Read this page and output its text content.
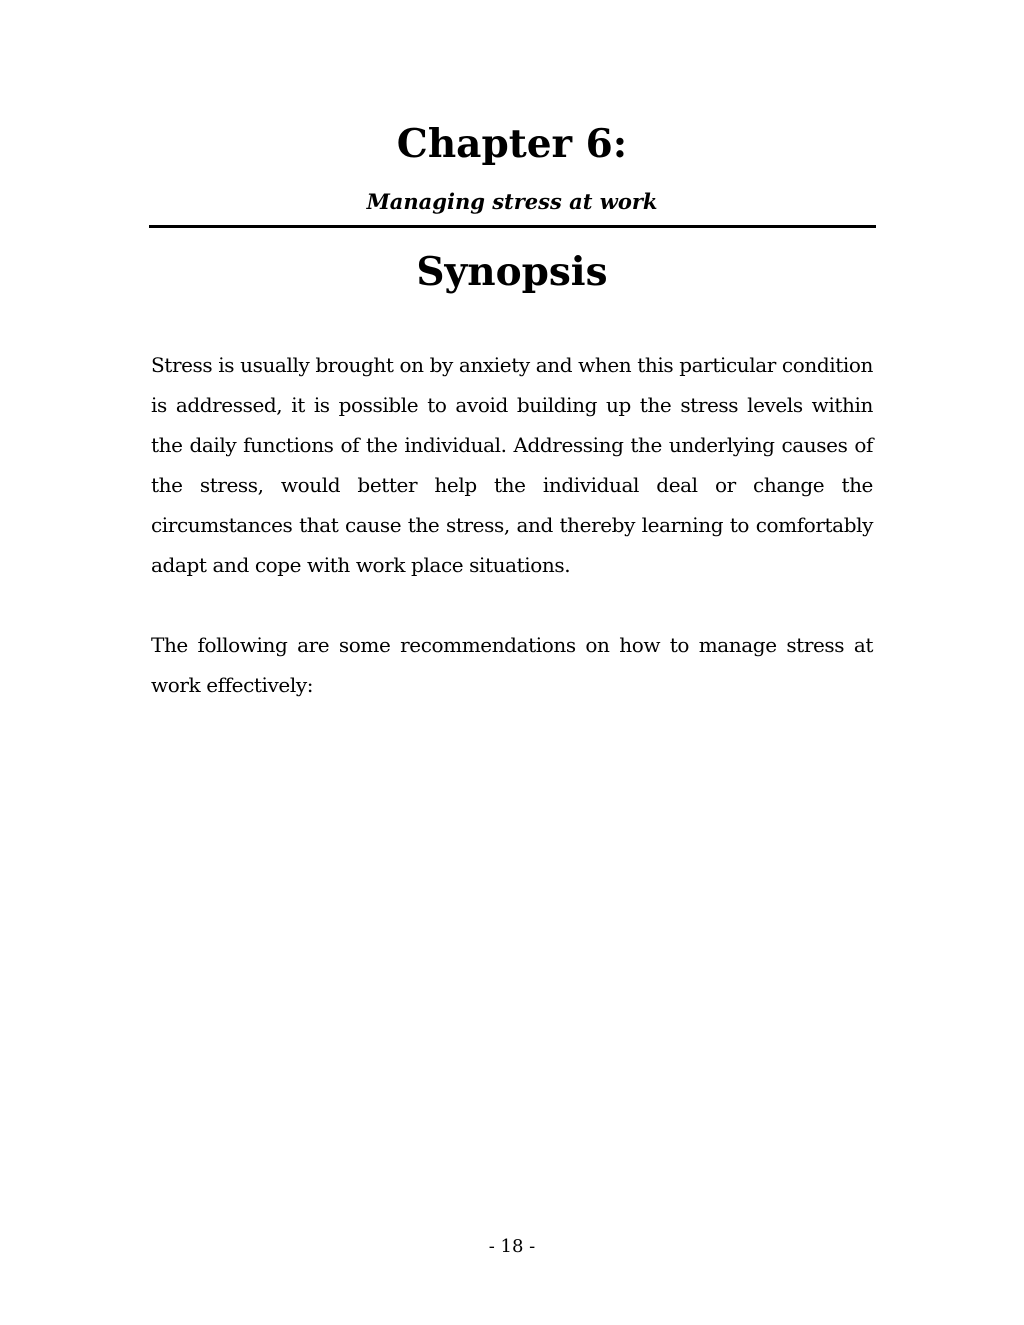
Chapter 6:

Managing stress at work

Synopsis

Stress is usually brought on by anxiety and when this particular condition is addressed, it is possible to avoid building up the stress levels within the daily functions of the individual. Addressing the underlying causes of the stress, would better help the individual deal or change the circumstances that cause the stress, and thereby learning to comfortably adapt and cope with work place situations.

The following are some recommendations on how to manage stress at work effectively:

- 18 -
